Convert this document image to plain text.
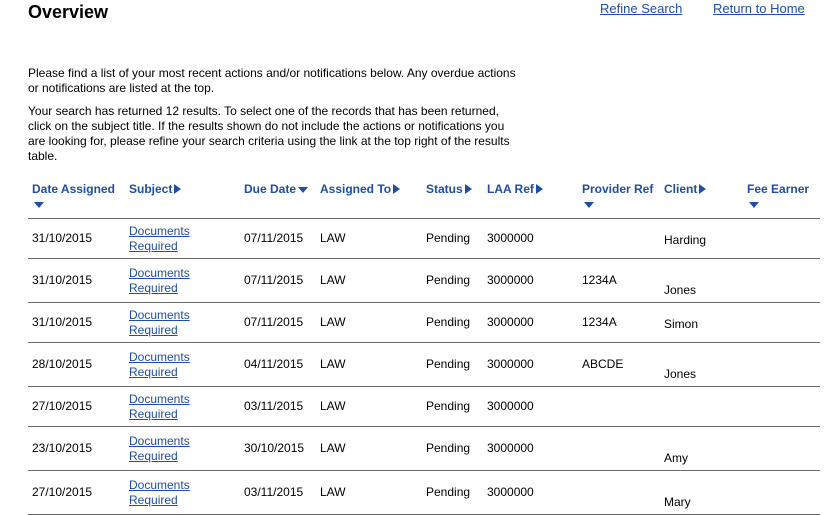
Overview	Refine Search Return to Home

Please find a list of your most recent actions and/or notifications below. Any overdue actions or notifications are listed at the top.

Your search has returned 12 results. To select one of the records that has been returned, click on the subject title. If the results shown do not include the actions or notifications you are looking for, please refine your search criteria using the link at the top right of the results table.

Date Assigned	Subject	Due Date	Assigned To	Status	LAA Ref	Provider Ref	Client	Fee Earner
31/10/2015	Documents Required	07/11/2015	LAW	Pending	3000000		Harding	

31/10/2015	Documents Required	07/11/2015	LAW	Pending	3000000	1234A	Jones	
31/10/2015	Documents Required	07/11/2015	LAW	Pending	3000000	1234A	Simon	

28/10/2015	Documents Required	04/11/2015	LAW	Pending	3000000	ABCDE	Jones	
27/10/2015	Documents Required	03/11/2015	LAW	Pending	3000000		

23/10/2015	Documents Required	30/10/2015	LAW	Pending	3000000		Amy	
27/10/2015	Documents Required	03/11/2015	LAW	Pending	3000000		Mary	
